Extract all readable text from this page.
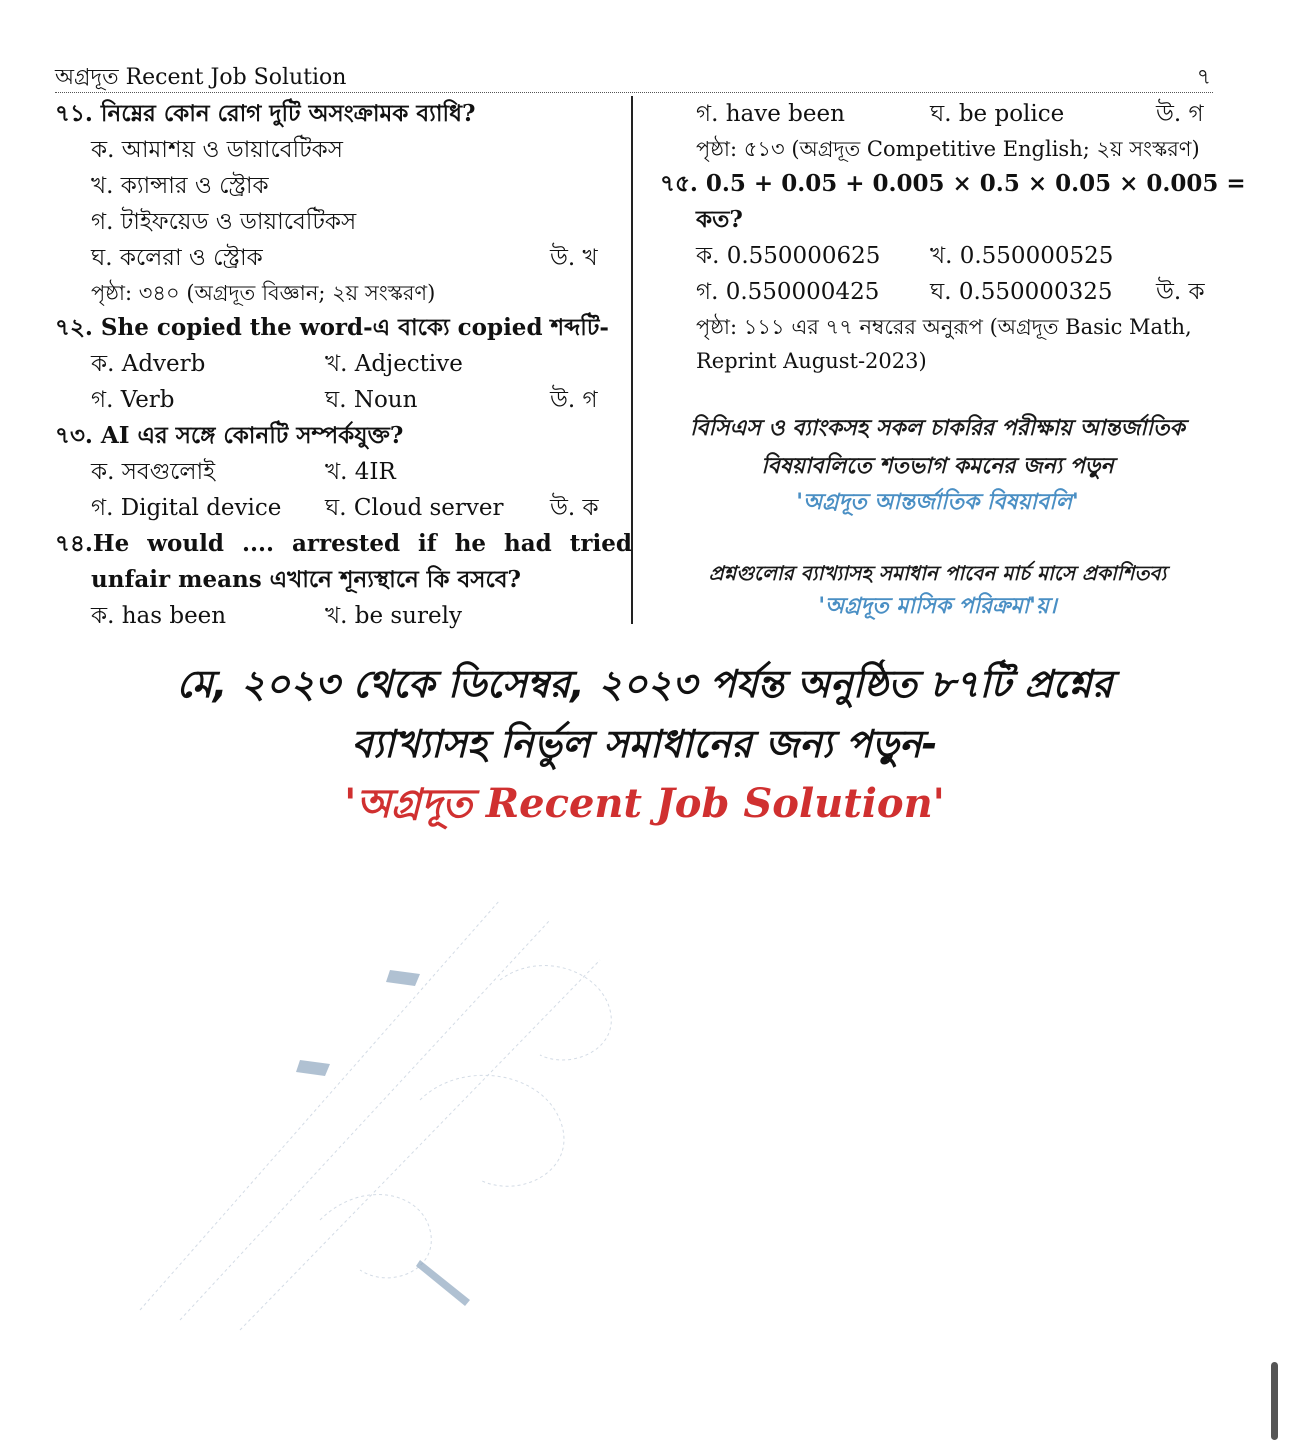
অগ্রদূত Recent Job Solution	৭
৭১. নিম্নের কোন রোগ দুটি অসংক্রামক ব্যাধি?
ক. আমাশয় ও ডায়াবেটিকস
খ. ক্যান্সার ও স্ট্রোক
গ. টাইফয়েড ও ডায়াবেটিকস
ঘ. কলেরা ও স্ট্রোক	উ. খ
পৃষ্ঠা: ৩৪০ (অগ্রদূত বিজ্ঞান; ২য় সংস্করণ)
৭২. She copied the word-এ বাক্যে copied শব্দটি-
ক. Adverb	খ. Adjective
গ. Verb	ঘ. Noun	উ. গ
৭৩. AI এর সঙ্গে কোনটি সম্পর্কযুক্ত?
ক. সবগুলোই	খ. 4IR
গ. Digital device ঘ. Cloud server উ. ক
৭৪.He would .... arrested if he had tried
unfair means এখানে শূন্যস্থানে কি বসবে?
ক. has been	খ. be surely
গ. have been	ঘ. be police	উ. গ
পৃষ্ঠা: ৫১৩ (অগ্রদূত Competitive English; ২য় সংস্করণ)
৭৫. 0.5 + 0.05 + 0.005 × 0.5 × 0.05 × 0.005 =
কত?
ক. 0.550000625 খ. 0.550000525
গ. 0.550000425 ঘ. 0.550000325 উ. ক
পৃষ্ঠা: ১১১ এর ৭৭ নম্বরের অনুরূপ (অগ্রদূত Basic Math,
Reprint August-2023)
বিসিএস ও ব্যাংকসহ সকল চাকরির পরীক্ষায় আন্তর্জাতিক
বিষয়াবলিতে শতভাগ কমনের জন্য পড়ুন
'অগ্রদূত আন্তর্জাতিক বিষয়াবলি'
প্রশ্নগুলোর ব্যাখ্যাসহ সমাধান পাবেন মার্চ মাসে প্রকাশিতব্য
'অগ্রদূত মাসিক পরিক্রমা'য়।
মে, ২০২৩ থেকে ডিসেম্বর, ২০২৩ পর্যন্ত অনুষ্ঠিত ৮৭টি প্রশ্নের
ব্যাখ্যাসহ নির্ভুল সমাধানের জন্য পড়ুন-
'অগ্রদূত Recent Job Solution'
